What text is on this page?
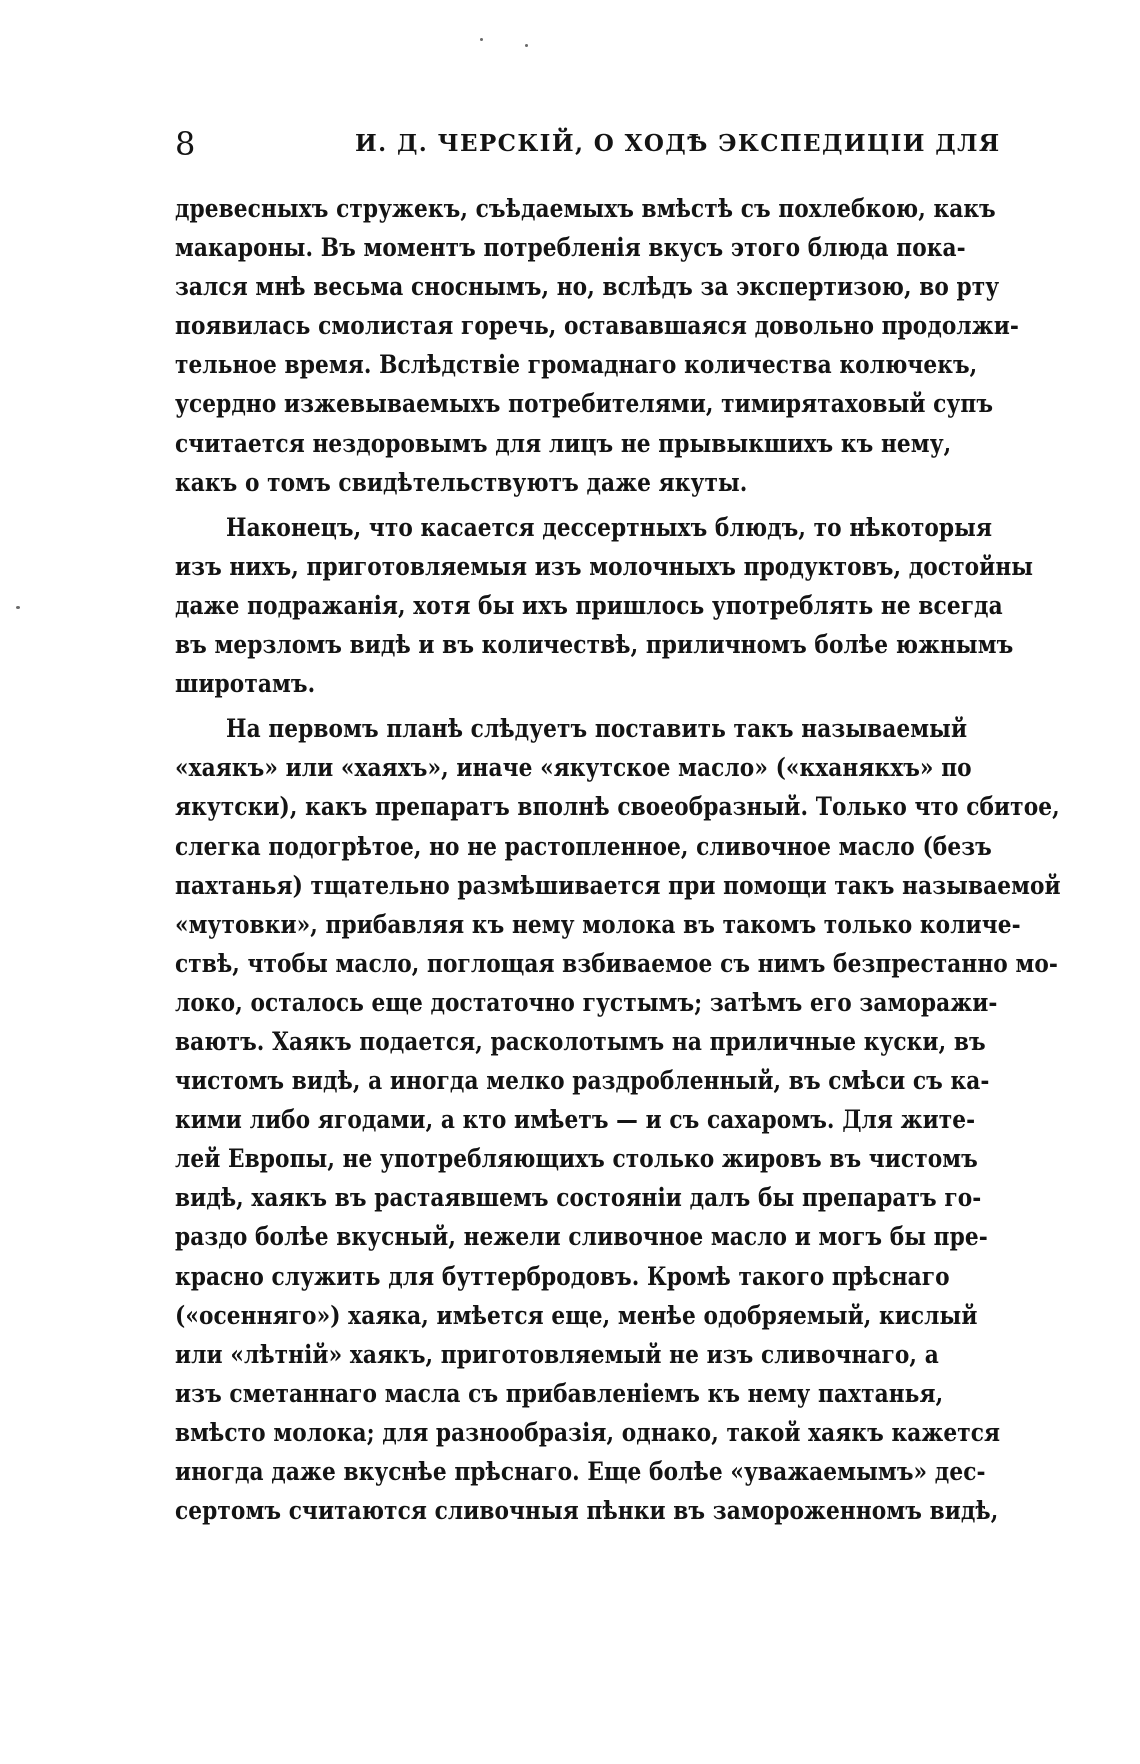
8	И. Д. ЧЕРСКІЙ, О ХОДѢ ЭКСПЕДИЦІИ ДЛЯ
древесныхъ стружекъ, съѣдаемыхъ вмѣстѣ съ похлебкою, какъ
макароны. Въ моментъ потребленія вкусъ этого блюда пока-
зался мнѣ весьма сноснымъ, но, вслѣдъ за экспертизою, во рту
появилась смолистая горечь, остававшаяся довольно продолжи-
тельное время. Вслѣдствіе громаднаго количества колючекъ,
усердно изжевываемыхъ потребителями, тимирятаховый супъ
считается нездоровымъ для лицъ не прывыкшихъ къ нему,
какъ о томъ свидѣтельствуютъ даже якуты.
Наконецъ, что касается дессертныхъ блюдъ, то нѣкоторыя
изъ нихъ, приготовляемыя изъ молочныхъ продуктовъ, достойны
даже подражанія, хотя бы ихъ пришлось употреблять не всегда
въ мерзломъ видѣ и въ количествѣ, приличномъ болѣе южнымъ
широтамъ.
На первомъ планѣ слѣдуетъ поставить такъ называемый
«хаякъ» или «хаяхъ», иначе «якутское масло» («кханякхъ» по
якутски), какъ препаратъ вполнѣ своеобразный. Только что сбитое,
слегка подогрѣтое, но не растопленное, сливочное масло (безъ
пахтанья) тщательно размѣшивается при помощи такъ называемой
«мутовки», прибавляя къ нему молока въ такомъ только количе-
ствѣ, чтобы масло, поглощая взбиваемое съ нимъ безпрестанно мо-
локо, осталось еще достаточно густымъ; затѣмъ его заморажи-
ваютъ. Хаякъ подается, расколотымъ на приличные куски, въ
чистомъ видѣ, а иногда мелко раздробленный, въ смѣси съ ка-
кими либо ягодами, а кто имѣетъ — и съ сахаромъ. Для жите-
лей Европы, не употребляющихъ столько жировъ въ чистомъ
видѣ, хаякъ въ растаявшемъ состояніи далъ бы препаратъ го-
раздо болѣе вкусный, нежели сливочное масло и могъ бы пре-
красно служить для буттербродовъ. Кромѣ такого прѣснаго
(«осенняго») хаяка, имѣется еще, менѣе одобряемый, кислый
или «лѣтній» хаякъ, приготовляемый не изъ сливочнаго, а
изъ сметаннаго масла съ прибавленіемъ къ нему пахтанья,
вмѣсто молока; для разнообразія, однако, такой хаякъ кажется
иногда даже вкуснѣе прѣснаго. Еще болѣе «уважаемымъ» дес-
сертомъ считаются сливочныя пѣнки въ замороженномъ видѣ,
